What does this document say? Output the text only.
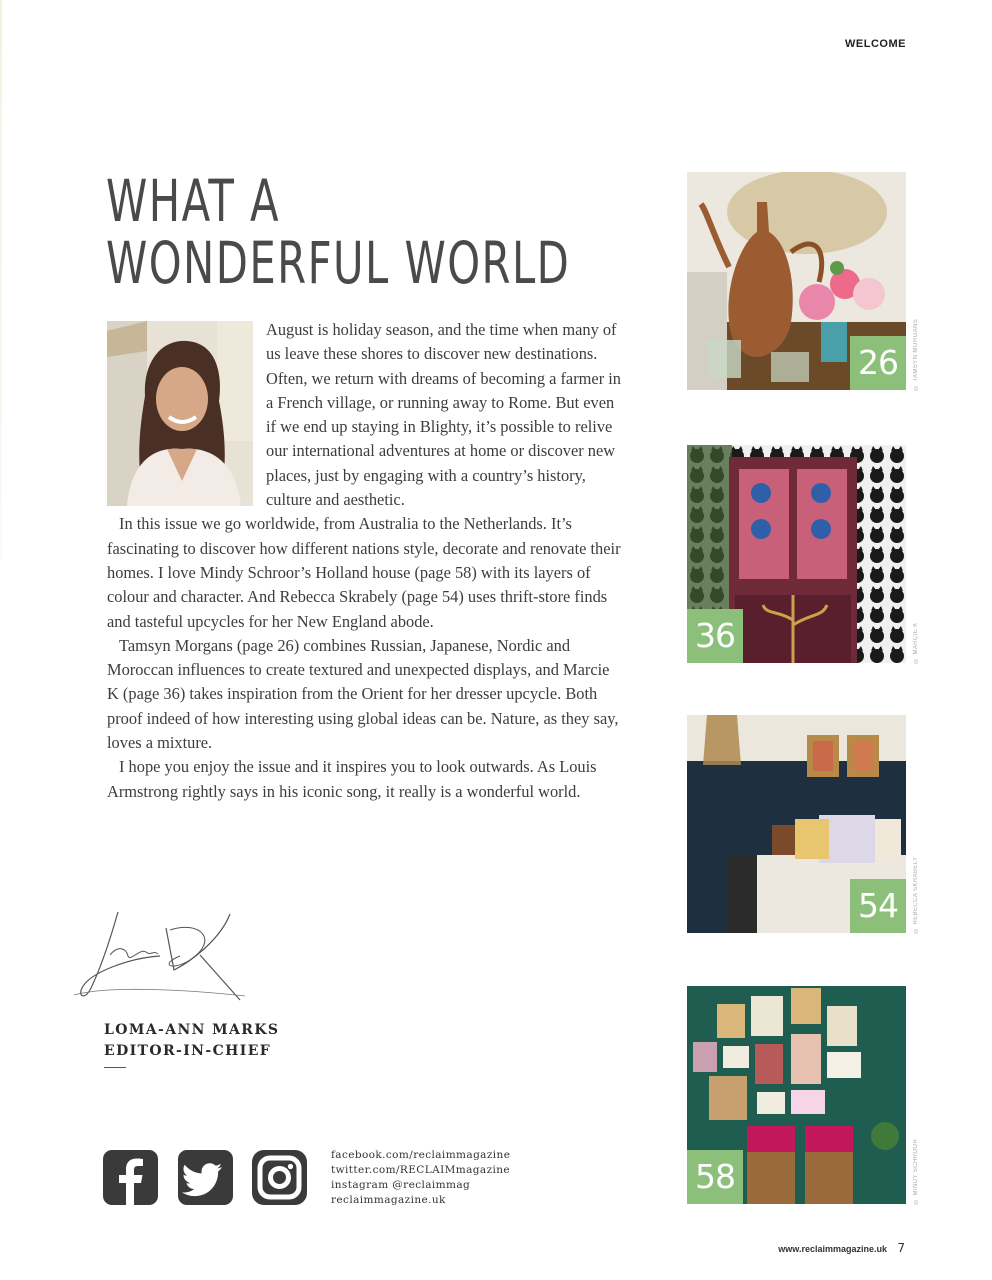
WELCOME
WHAT A
WONDERFUL WORLD

August is holiday season, and the time when many of us leave these shores to discover new destinations. Often, we return with dreams of becoming a farmer in a French village, or running away to Rome. But even if we end up staying in Blighty, it’s possible to relive our international adventures at home or discover new places, just by engaging with a country’s history, culture and aesthetic.

In this issue we go worldwide, from Australia to the Netherlands. It’s fascinating to discover how different nations style, decorate and renovate their homes. I love Mindy Schroor’s Holland house (page 58) with its layers of colour and character. And Rebecca Skrabely (page 54) uses thrift-store finds and tasteful upcycles for her New England abode.

Tamsyn Morgans (page 26) combines Russian, Japanese, Nordic and Moroccan influences to create textured and unexpected displays, and Marcie K (page 36) takes inspiration from the Orient for her dresser upcycle. Both proof indeed of how interesting using global ideas can be. Nature, as they say, loves a mixture.

I hope you enjoy the issue and it inspires you to look outwards. As Louis Armstrong rightly says in his iconic song, it really is a wonderful world.

LOMA-ANN MARKS
EDITOR-IN-CHIEF
facebook.com/reclaimmagazine
twitter.com/RECLAIMmagazine
instagram @reclaimmag
reclaimmagazine.uk
26	© TAMSYN MORGANS
36	© MARCIE K
54	© REBECCA SKRABELY
58	© MINDY SCHROOR
www.reclaimmagazine.uk 7
